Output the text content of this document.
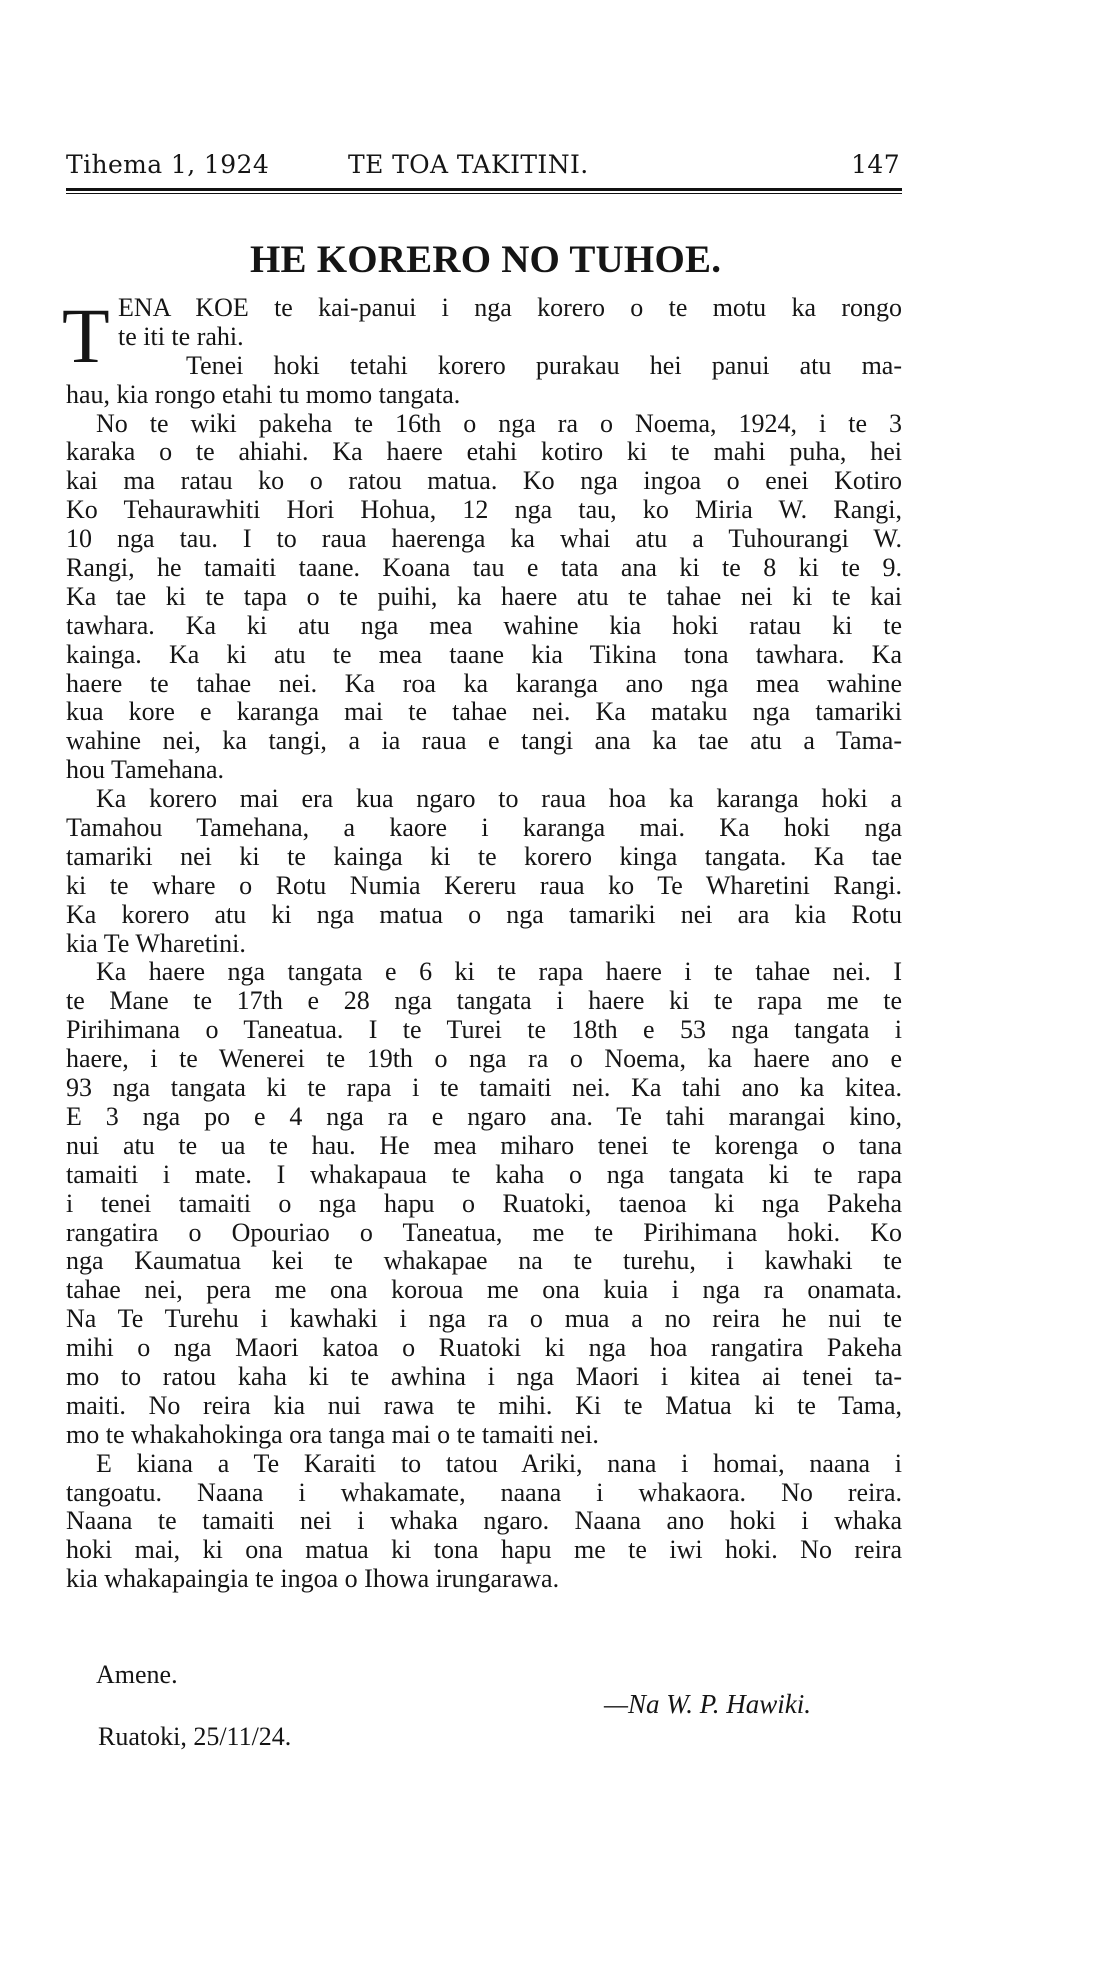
Tihema 1, 1924	TE TOA TAKITINI.	147
HE KORERO NO TUHOE.
T ENA KOE te kai-panui i nga korero o te motu ka rongo
te iti te rahi.
Tenei hoki tetahi korero purakau hei panui atu ma-
hau, kia rongo etahi tu momo tangata.
No te wiki pakeha te 16th o nga ra o Noema, 1924, i te 3
karaka o te ahiahi. Ka haere etahi kotiro ki te mahi puha, hei
kai ma ratau ko o ratou matua. Ko nga ingoa o enei Kotiro
Ko Tehaurawhiti Hori Hohua, 12 nga tau, ko Miria W. Rangi,
10 nga tau. I to raua haerenga ka whai atu a Tuhourangi W.
Rangi, he tamaiti taane. Koana tau e tata ana ki te 8 ki te 9.
Ka tae ki te tapa o te puihi, ka haere atu te tahae nei ki te kai
tawhara. Ka ki atu nga mea wahine kia hoki ratau ki te
kainga. Ka ki atu te mea taane kia Tikina tona tawhara. Ka
haere te tahae nei. Ka roa ka karanga ano nga mea wahine
kua kore e karanga mai te tahae nei. Ka mataku nga tamariki
wahine nei, ka tangi, a ia raua e tangi ana ka tae atu a Tama-
hou Tamehana.
Ka korero mai era kua ngaro to raua hoa ka karanga hoki a
Tamahou Tamehana, a kaore i karanga mai. Ka hoki nga
tamariki nei ki te kainga ki te korero kinga tangata. Ka tae
ki te whare o Rotu Numia Kereru raua ko Te Wharetini Rangi.
Ka korero atu ki nga matua o nga tamariki nei ara kia Rotu
kia Te Wharetini.
Ka haere nga tangata e 6 ki te rapa haere i te tahae nei. I
te Mane te 17th e 28 nga tangata i haere ki te rapa me te
Pirihimana o Taneatua. I te Turei te 18th e 53 nga tangata i
haere, i te Wenerei te 19th o nga ra o Noema, ka haere ano e
93 nga tangata ki te rapa i te tamaiti nei. Ka tahi ano ka kitea.
E 3 nga po e 4 nga ra e ngaro ana. Te tahi marangai kino,
nui atu te ua te hau. He mea miharo tenei te korenga o tana
tamaiti i mate. I whakapaua te kaha o nga tangata ki te rapa
i tenei tamaiti o nga hapu o Ruatoki, taenoa ki nga Pakeha
rangatira o Opouriao o Taneatua, me te Pirihimana hoki. Ko
nga Kaumatua kei te whakapae na te turehu, i kawhaki te
tahae nei, pera me ona koroua me ona kuia i nga ra onamata.
Na Te Turehu i kawhaki i nga ra o mua a no reira he nui te
mihi o nga Maori katoa o Ruatoki ki nga hoa rangatira Pakeha
mo to ratou kaha ki te awhina i nga Maori i kitea ai tenei ta-
maiti. No reira kia nui rawa te mihi. Ki te Matua ki te Tama,
mo te whakahokinga ora tanga mai o te tamaiti nei.
E kiana a Te Karaiti to tatou Ariki, nana i homai, naana i
tangoatu. Naana i whakamate, naana i whakaora. No reira.
Naana te tamaiti nei i whaka ngaro. Naana ano hoki i whaka
hoki mai, ki ona matua ki tona hapu me te iwi hoki. No reira
kia whakapaingia te ingoa o Ihowa irungarawa.
Amene.
—Na W. P. Hawiki.
Ruatoki, 25/11/24.
